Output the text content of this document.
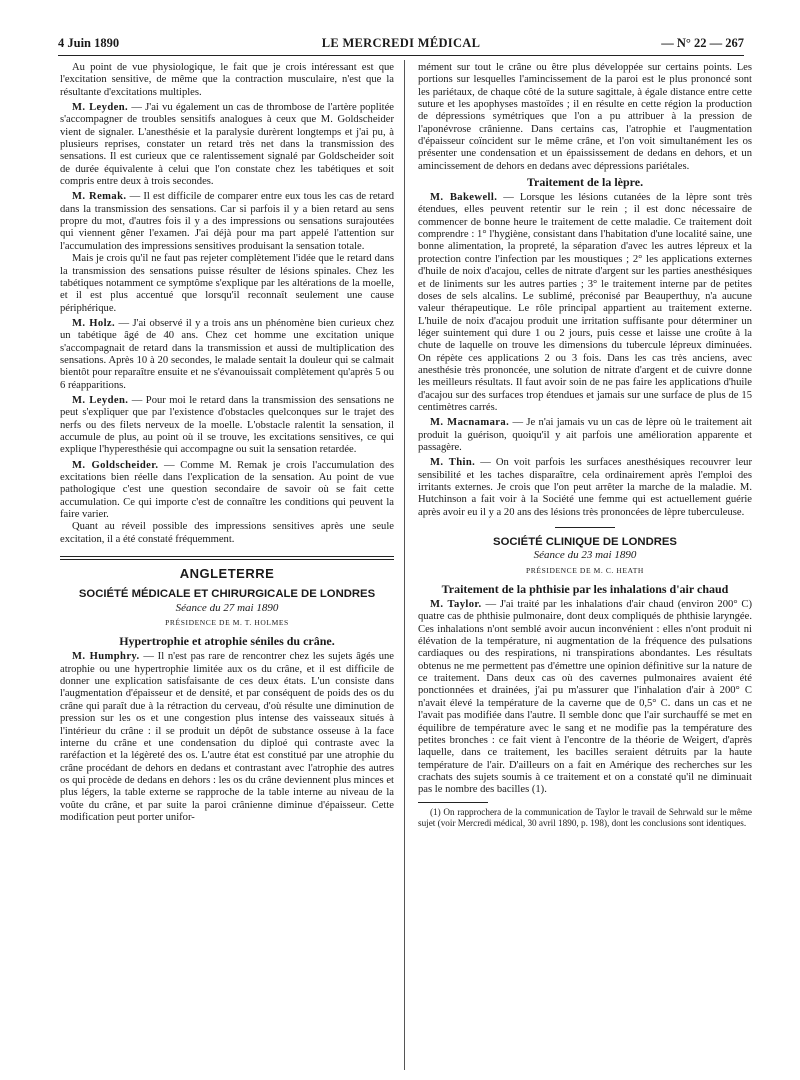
4 Juin 1890	LE MERCREDI MÉDICAL	— N° 22 — 267

Au point de vue physiologique, le fait que je crois intéressant est que l'excitation sensitive, de même que la contraction musculaire, n'est que la résultante d'excitations multiples.

M. Leyden. — J'ai vu également un cas de thrombose de l'artère poplitée s'accompagner de troubles sensitifs analogues à ceux que M. Goldscheider vient de signaler. L'anesthésie et la paralysie durèrent longtemps et j'ai pu, à plusieurs reprises, constater un retard très net dans la transmission des sensations. Il est curieux que ce ralentissement signalé par Goldscheider soit de durée équivalente à celui que l'on constate chez les tabétiques et soit compris entre deux à trois secondes.

M. Remak. — Il est difficile de comparer entre eux tous les cas de retard dans la transmission des sensations. Car si parfois il y a bien retard au sens propre du mot, d'autres fois il y a des impressions ou sensations surajoutées qui viennent gêner l'examen. J'ai déjà pour ma part appelé l'attention sur l'accumulation des impressions sensitives produisant la sensation totale.

Mais je crois qu'il ne faut pas rejeter complètement l'idée que le retard dans la transmission des sensations puisse résulter de lésions spinales. Chez les tabétiques notamment ce symptôme s'explique par les altérations de la moelle, et il est plus accentué que lorsqu'il reconnaît seulement une cause périphérique.

M. Holz. — J'ai observé il y a trois ans un phénomène bien curieux chez un tabétique âgé de 40 ans. Chez cet homme une excitation unique s'accompagnait de retard dans la transmission et aussi de multiplication des sensations. Après 10 à 20 secondes, le malade sentait la douleur qui se calmait bientôt pour reparaître ensuite et ne s'évanouissait complètement qu'après 5 ou 6 réapparitions.

M. Leyden. — Pour moi le retard dans la transmission des sensations ne peut s'expliquer que par l'existence d'obstacles quelconques sur le trajet des nerfs ou des filets nerveux de la moelle. L'obstacle ralentit la sensation, il accumule de plus, au point où il se trouve, les excitations sensitives, ce qui explique l'hyperesthésie qui accompagne ou suit la sensation retardée.

M. Goldscheider. — Comme M. Remak je crois l'accumulation des excitations bien réelle dans l'explication de la sensation. Au point de vue pathologique c'est une question secondaire de savoir où se fait cette accumulation. Ce qui importe c'est de connaître les conditions qui peuvent la faire varier.

Quant au réveil possible des impressions sensitives après une seule excitation, il a été constaté fréquemment.

ANGLETERRE
SOCIÉTÉ MÉDICALE ET CHIRURGICALE DE LONDRES
Séance du 27 mai 1890
PRÉSIDENCE DE M. T. HOLMES
Hypertrophie et atrophie séniles du crâne.

M. Humphry. — Il n'est pas rare de rencontrer chez les sujets âgés une atrophie ou une hypertrophie limitée aux os du crâne, et il est difficile de donner une explication satisfaisante de ces deux états. L'un consiste dans l'augmentation d'épaisseur et de densité, et par conséquent de poids des os du crâne qui paraît due à la rétraction du cerveau, d'où résulte une diminution de pression sur les os et une congestion plus intense des vaisseaux situés à l'intérieur du crâne : il se produit un dépôt de substance osseuse à la face interne du crâne et une condensation du diploé qui contraste avec la raréfaction et la légèreté des os. L'autre état est constitué par une atrophie du crâne procédant de dehors en dedans et contrastant avec l'atrophie des autres os qui procède de dedans en dehors : les os du crâne deviennent plus minces et plus légers, la table externe se rapproche de la table interne au niveau de la voûte du crâne, et par suite la paroi crânienne diminue d'épaisseur. Cette modification peut porter unifor-

mément sur tout le crâne ou être plus développée sur certains points. Les portions sur lesquelles l'amincissement de la paroi est le plus prononcé sont les pariétaux, de chaque côté de la suture sagittale, à égale distance entre cette suture et les apophyses mastoïdes ; il en résulte en cette région la production de dépressions symétriques que l'on a pu attribuer à la pression de l'aponévrose crânienne. Dans certains cas, l'atrophie et l'augmentation d'épaisseur coïncident sur le même crâne, et l'on voit simultanément les os présenter une condensation et un épaississement de dedans en dehors, et un amincissement de dehors en dedans avec dépressions pariétales.

Traitement de la lèpre.

M. Bakewell. — Lorsque les lésions cutanées de la lèpre sont très étendues, elles peuvent retentir sur le rein ; il est donc nécessaire de commencer de bonne heure le traitement de cette maladie. Ce traitement doit comprendre : 1° l'hygiène, consistant dans l'habitation d'une localité saine, une bonne alimentation, la propreté, la séparation d'avec les autres lépreux et la protection contre l'infection par les moustiques ; 2° les applications externes d'huile de noix d'acajou, celles de nitrate d'argent sur les parties anesthésiques et de liniments sur les autres parties ; 3° le traitement interne par de petites doses de sels alcalins. Le sublimé, préconisé par Beauperthuy, n'a aucune valeur thérapeutique. Le rôle principal appartient au traitement externe. L'huile de noix d'acajou produit une irritation suffisante pour déterminer un léger suintement qui dure 1 ou 2 jours, puis cesse et laisse une croûte à la chute de laquelle on trouve les dimensions du tubercule lépreux diminuées. On répète ces applications 2 ou 3 fois. Dans les cas très anciens, avec anesthésie très prononcée, une solution de nitrate d'argent et de cuivre donne les meilleurs résultats. Il faut avoir soin de ne pas faire les applications d'huile d'acajou sur des surfaces trop étendues et jamais sur une surface de plus de 15 centimètres carrés.

M. Macnamara. — Je n'ai jamais vu un cas de lèpre où le traitement ait produit la guérison, quoiqu'il y ait parfois une amélioration apparente et passagère.

M. Thin. — On voit parfois les surfaces anesthésiques recouvrer leur sensibilité et les taches disparaître, cela ordinairement après l'emploi des irritants externes. Je crois que l'on peut arrêter la marche de la maladie. M. Hutchinson a fait voir à la Société une femme qui est actuellement guérie après avoir eu il y a 20 ans des lésions très prononcées de lèpre tuberculeuse.

SOCIÉTÉ CLINIQUE DE LONDRES
Séance du 23 mai 1890
PRÉSIDENCE DE M. C. HEATH
Traitement de la phthisie par les inhalations d'air chaud

M. Taylor. — J'ai traité par les inhalations d'air chaud (environ 200° C) quatre cas de phthisie pulmonaire, dont deux compliqués de phthisie laryngée. Ces inhalations n'ont semblé avoir aucun inconvénient : elles n'ont produit ni élévation de la température, ni augmentation de la fréquence des pulsations cardiaques ou des respirations, ni transpirations abondantes. Les résultats obtenus ne me permettent pas d'émettre une opinion définitive sur la nature de ce traitement. Dans deux cas où des cavernes pulmonaires avaient été ponctionnées et drainées, j'ai pu m'assurer que l'inhalation d'air à 200° C n'avait élevé la température de la caverne que de 0,5° C. dans un cas et ne l'avait pas modifiée dans l'autre. Il semble donc que l'air surchauffé se met en équilibre de température avec le sang et ne modifie pas la température des petites bronches : ce fait vient à l'encontre de la théorie de Weigert, d'après laquelle, dans ce traitement, les bacilles seraient détruits par la haute température de l'air. D'ailleurs on a fait en Amérique des recherches sur les crachats des sujets soumis à ce traitement et on a constaté qu'il ne diminuait pas le nombre des bacilles (1).

(1) On rapprochera de la communication de Taylor le travail de Sehrwald sur le même sujet (voir Mercredi médical, 30 avril 1890, p. 198), dont les conclusions sont identiques.
